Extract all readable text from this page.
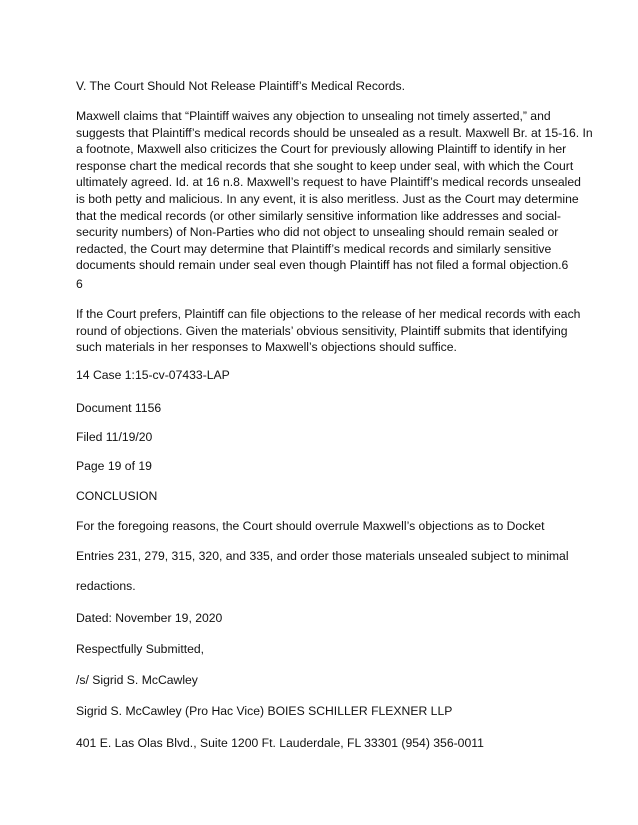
V. The Court Should Not Release Plaintiff’s Medical Records.

Maxwell claims that “Plaintiff waives any objection to unsealing not timely asserted,” and
suggests that Plaintiff’s medical records should be unsealed as a result. Maxwell Br. at 15-16. In
a footnote, Maxwell also criticizes the Court for previously allowing Plaintiff to identify in her
response chart the medical records that she sought to keep under seal, with which the Court
ultimately agreed. Id. at 16 n.8. Maxwell’s request to have Plaintiff’s medical records unsealed
is both petty and malicious. In any event, it is also meritless. Just as the Court may determine
that the medical records (or other similarly sensitive information like addresses and social-
security numbers) of Non-Parties who did not object to unsealing should remain sealed or
redacted, the Court may determine that Plaintiff’s medical records and similarly sensitive
documents should remain under seal even though Plaintiff has not filed a formal objection.6

6

If the Court prefers, Plaintiff can file objections to the release of her medical records with each
round of objections. Given the materials’ obvious sensitivity, Plaintiff submits that identifying
such materials in her responses to Maxwell’s objections should suffice.

14 Case 1:15-cv-07433-LAP

Document 1156

Filed 11/19/20

Page 19 of 19

CONCLUSION

For the foregoing reasons, the Court should overrule Maxwell’s objections as to Docket

Entries 231, 279, 315, 320, and 335, and order those materials unsealed subject to minimal

redactions.

Dated: November 19, 2020

Respectfully Submitted,

/s/ Sigrid S. McCawley

Sigrid S. McCawley (Pro Hac Vice) BOIES SCHILLER FLEXNER LLP

401 E. Las Olas Blvd., Suite 1200 Ft. Lauderdale, FL 33301 (954) 356-0011
